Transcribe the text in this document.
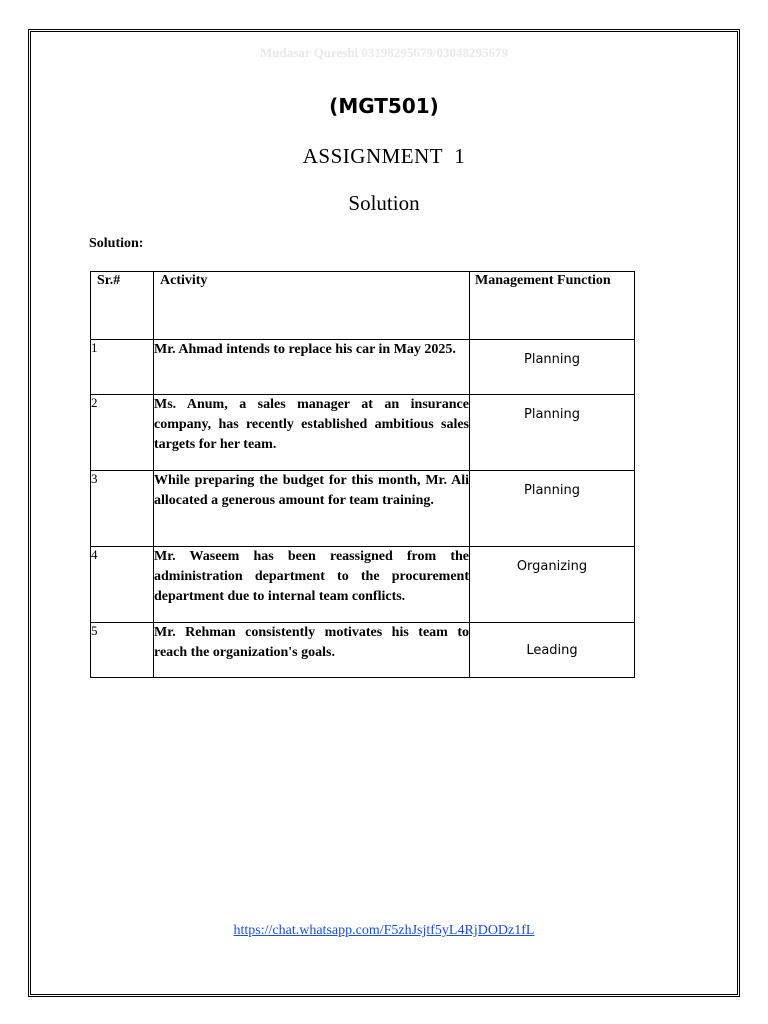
Mudasar Qureshi 03198295679/03048295679
(MGT501)
ASSIGNMENT  1
Solution
Solution:
Sr.#	Activity	Management Function

1	Mr. Ahmad intends to replace his car in May 2025.	Planning

2	Ms. Anum, a sales manager at an insurance company, has recently established ambitious sales targets for her team.	Planning

3	While preparing the budget for this month, Mr. Ali allocated a generous amount for team training.	Planning

4	Mr. Waseem has been reassigned from the administration department to the procurement department due to internal team conflicts.	Organizing

5	Mr. Rehman consistently motivates his team to reach the organization's goals.	Leading
https://chat.whatsapp.com/F5zhJsjtf5yL4RjDODz1fL
